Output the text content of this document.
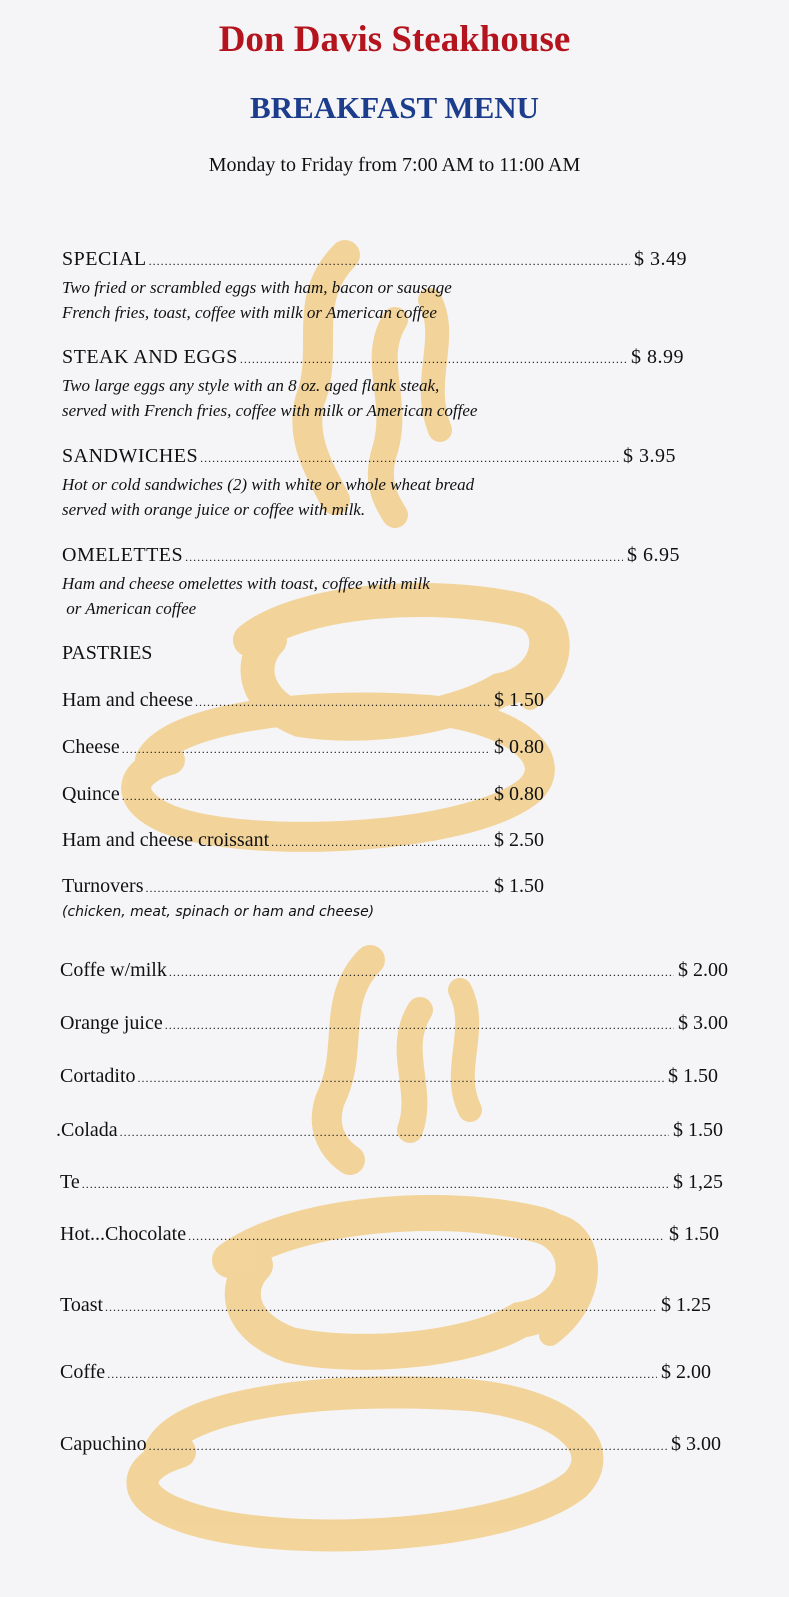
Don Davis Steakhouse
BREAKFAST MENU
Monday to Friday from 7:00 AM to 11:00 AM
SPECIAL .....	$ 3.49
Two fried or scrambled eggs with ham, bacon or sausage
French fries, toast, coffee with milk or American coffee
STEAK AND EGGS .....	$ 8.99
Two large eggs any style with an 8 oz. aged flank steak,
served with French fries, coffee with milk or American coffee
SANDWICHES .....	$ 3.95
Hot or cold sandwiches (2) with white or whole wheat bread
served with orange juice or coffee with milk.
OMELETTES .....	$ 6.95
Ham and cheese omelettes with toast, coffee with milk
or American coffee
PASTRIES
Ham and cheese .....	$ 1.50
Cheese .....	$ 0.80
Quince .....	$ 0.80
Ham and cheese croissant .....	$ 2.50
Turnovers .....	$ 1.50
(chicken, meat, spinach or ham and cheese)
Coffe w/milk .....	$ 2.00
Orange juice .....	$ 3.00
Cortadito .....	$ 1.50
.Colada .....	$ 1.50
Te .....	$ 1,25
Hot...Chocolate .....	$ 1.50
Toast .....	$ 1.25
Coffe .....	$ 2.00
Capuchino .....	$ 3.00
